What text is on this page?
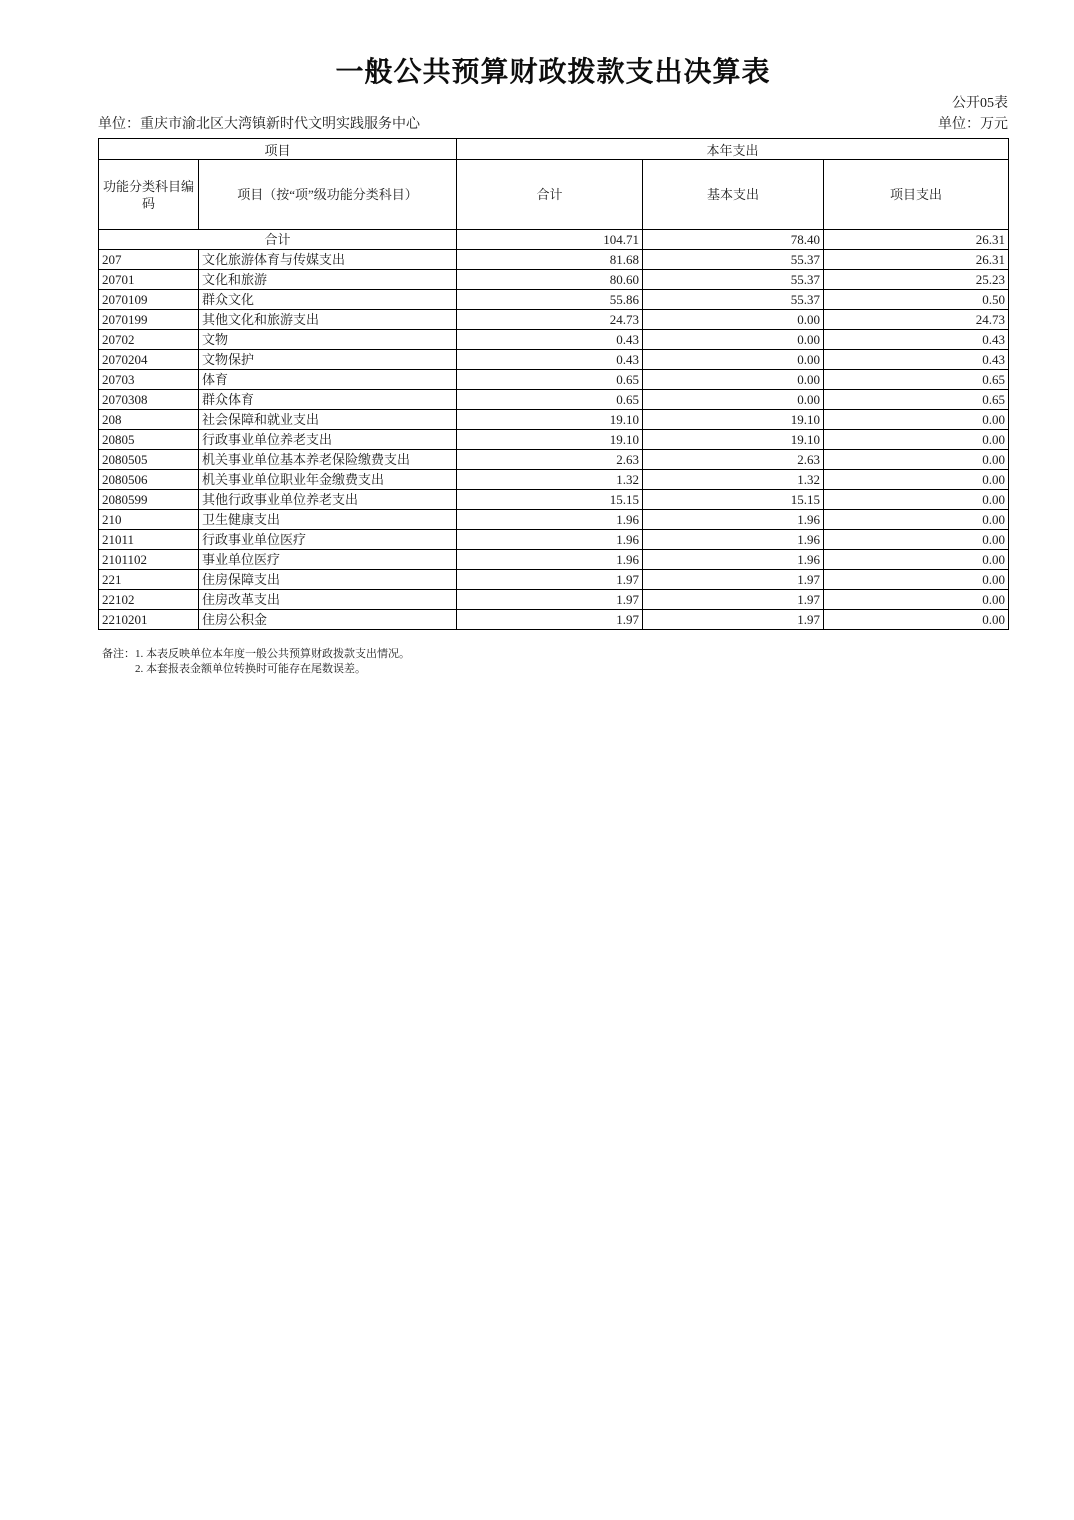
一般公共预算财政拨款支出决算表
公开05表
单位：重庆市渝北区大湾镇新时代文明实践服务中心	单位：万元
项目		本年支出		
功能分类科目编码	项目（按“项”级功能分类科目）	合计	基本支出	项目支出
合计		104.71	78.40	26.31
207	文化旅游体育与传媒支出	81.68	55.37	26.31
20701	文化和旅游	80.60	55.37	25.23
2070109	群众文化	55.86	55.37	0.50
2070199	其他文化和旅游支出	24.73	0.00	24.73
20702	文物	0.43	0.00	0.43
2070204	文物保护	0.43	0.00	0.43
20703	体育	0.65	0.00	0.65
2070308	群众体育	0.65	0.00	0.65
208	社会保障和就业支出	19.10	19.10	0.00
20805	行政事业单位养老支出	19.10	19.10	0.00
2080505	机关事业单位基本养老保险缴费支出	2.63	2.63	0.00
2080506	机关事业单位职业年金缴费支出	1.32	1.32	0.00
2080599	其他行政事业单位养老支出	15.15	15.15	0.00
210	卫生健康支出	1.96	1.96	0.00
21011	行政事业单位医疗	1.96	1.96	0.00
2101102	事业单位医疗	1.96	1.96	0.00
221	住房保障支出	1.97	1.97	0.00
22102	住房改革支出	1.97	1.97	0.00
2210201	住房公积金	1.97	1.97	0.00
备注： 1. 本表反映单位本年度一般公共预算财政拨款支出情况。
2. 本套报表金额单位转换时可能存在尾数误差。
